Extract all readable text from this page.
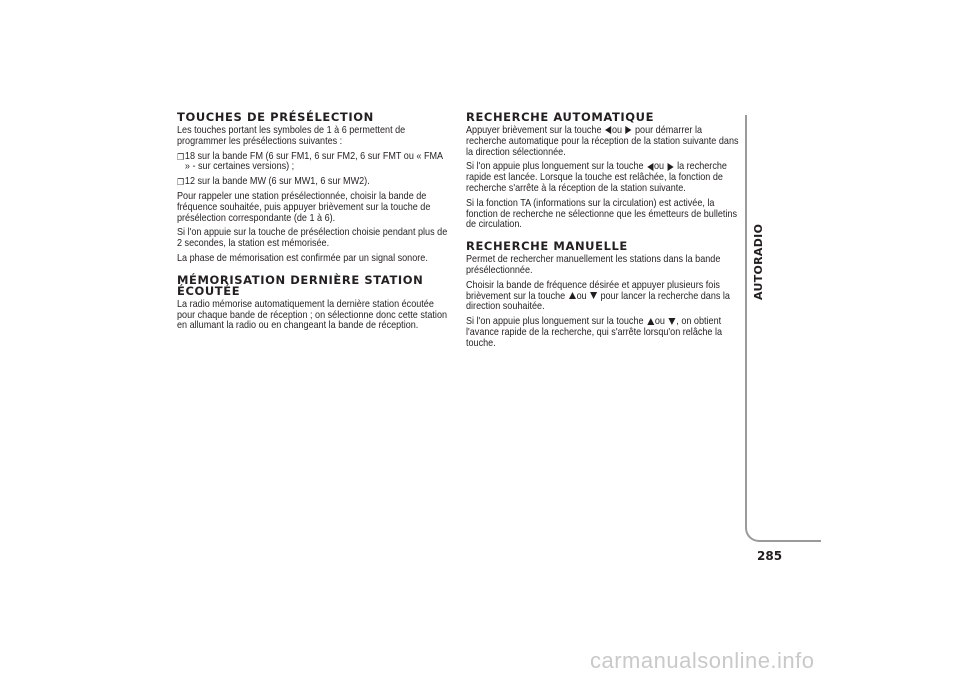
TOUCHES DE PRÉSÉLECTION

Les touches portant les symboles de 1 à 6 permettent de programmer les présélections suivantes :

❐ 18 sur la bande FM (6 sur FM1, 6 sur FM2, 6 sur FMT ou « FMA » - sur certaines versions) ;

❐ 12 sur la bande MW (6 sur MW1, 6 sur MW2).

Pour rappeler une station présélectionnée, choisir la bande de fréquence souhaitée, puis appuyer brièvement sur la touche de présélection correspondante (de 1 à 6).

Si l'on appuie sur la touche de présélection choisie pendant plus de 2 secondes, la station est mémorisée.

La phase de mémorisation est confirmée par un signal sonore.

MÉMORISATION DERNIÈRE STATION ÉCOUTÉE

La radio mémorise automatiquement la dernière station écoutée pour chaque bande de réception ; on sélectionne donc cette station en allumant la radio ou en changeant la bande de réception.

RECHERCHE AUTOMATIQUE

Appuyer brièvement sur la touche ou pour démarrer la recherche automatique pour la réception de la station suivante dans la direction sélectionnée.

Si l'on appuie plus longuement sur la touche ou la recherche rapide est lancée. Lorsque la touche est relâchée, la fonction de recherche s'arrête à la réception de la station suivante.

Si la fonction TA (informations sur la circulation) est activée, la fonction de recherche ne sélectionne que les émetteurs de bulletins de circulation.

RECHERCHE MANUELLE

Permet de rechercher manuellement les stations dans la bande présélectionnée.

Choisir la bande de fréquence désirée et appuyer plusieurs fois brièvement sur la touche ou pour lancer la recherche dans la direction souhaitée.

Si l'on appuie plus longuement sur la touche ou , on obtient l'avance rapide de la recherche, qui s'arrête lorsqu'on relâche la touche.

AUTORADIO
285
carmanualsonline.info
